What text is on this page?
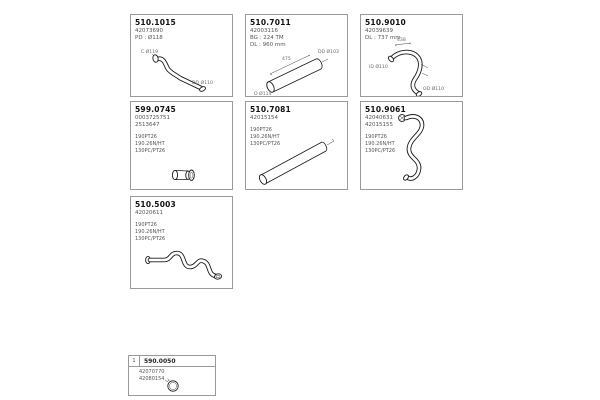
510.1015
42073690
PD : Ø118
C Ø119
DD Ø110
510.7011
42003116
BG : 224 TM
DL : 960 mm
475
DD Ø103
O Ø114
510.9010
42039639
DL : 737 mm
438
ID Ø110
OD Ø110
599.0745
0003725751
2513647
190PT26
190.26N/HT
130PC/PT26
510.7081
42015154
190PT26
190.26N/HT
130PC/PT26
510.9061
42040631
42015155
190PT26
190.26N/HT
130PC/PT26
510.5003
42020611
190PT26
190.26N/HT
130PC/PT26
1	590.0050
42070770
42080154
